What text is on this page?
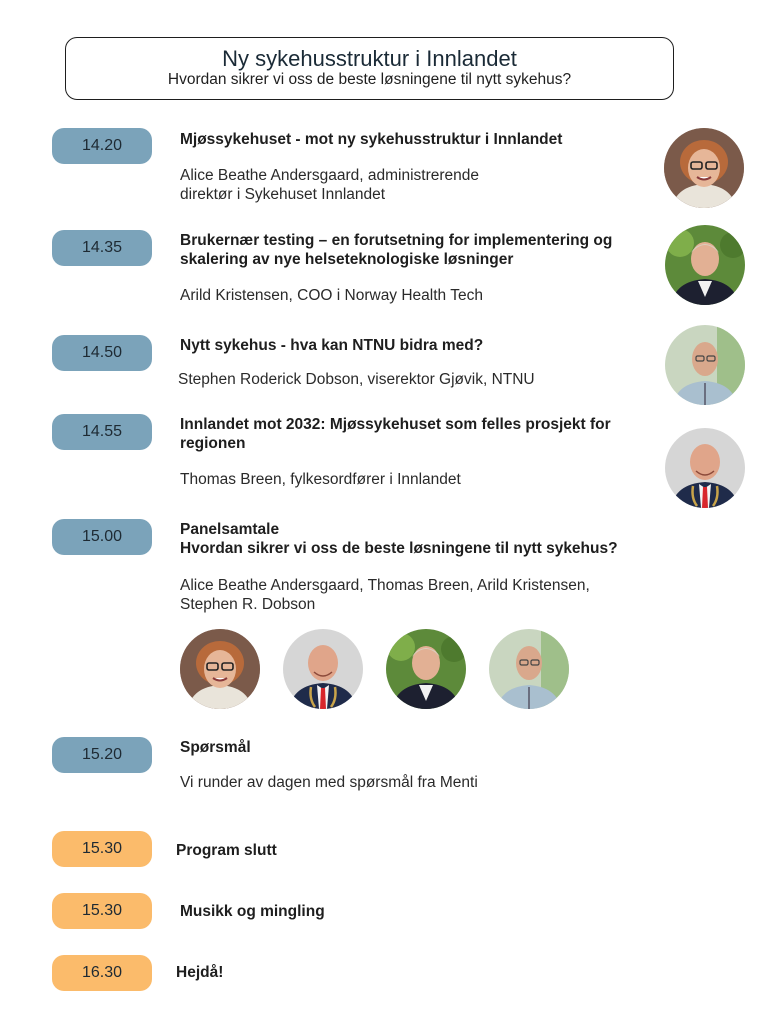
Ny sykehusstruktur i Innlandet
Hvordan sikrer vi oss de beste løsningene til nytt sykehus?
14.20	Mjøssykehuset - mot ny sykehusstruktur i Innlandet
Alice Beathe Andersgaard, administrerende
direktør i Sykehuset Innlandet
14.35	Brukernær testing – en forutsetning for implementering og
skalering av nye helseteknologiske løsninger
Arild Kristensen, COO i Norway Health Tech
14.50	Nytt sykehus - hva kan NTNU bidra med?
Stephen Roderick Dobson, viserektor Gjøvik, NTNU
14.55	Innlandet mot 2032: Mjøssykehuset som felles prosjekt for
regionen
Thomas Breen, fylkesordfører i Innlandet
15.00	Panelsamtale
Hvordan sikrer vi oss de beste løsningene til nytt sykehus?
Alice Beathe Andersgaard, Thomas Breen, Arild Kristensen,
Stephen R. Dobson
15.20	Spørsmål
Vi runder av dagen med spørsmål fra Menti
15.30	Program slutt
15.30	Musikk og mingling
16.30	Hejdå!
